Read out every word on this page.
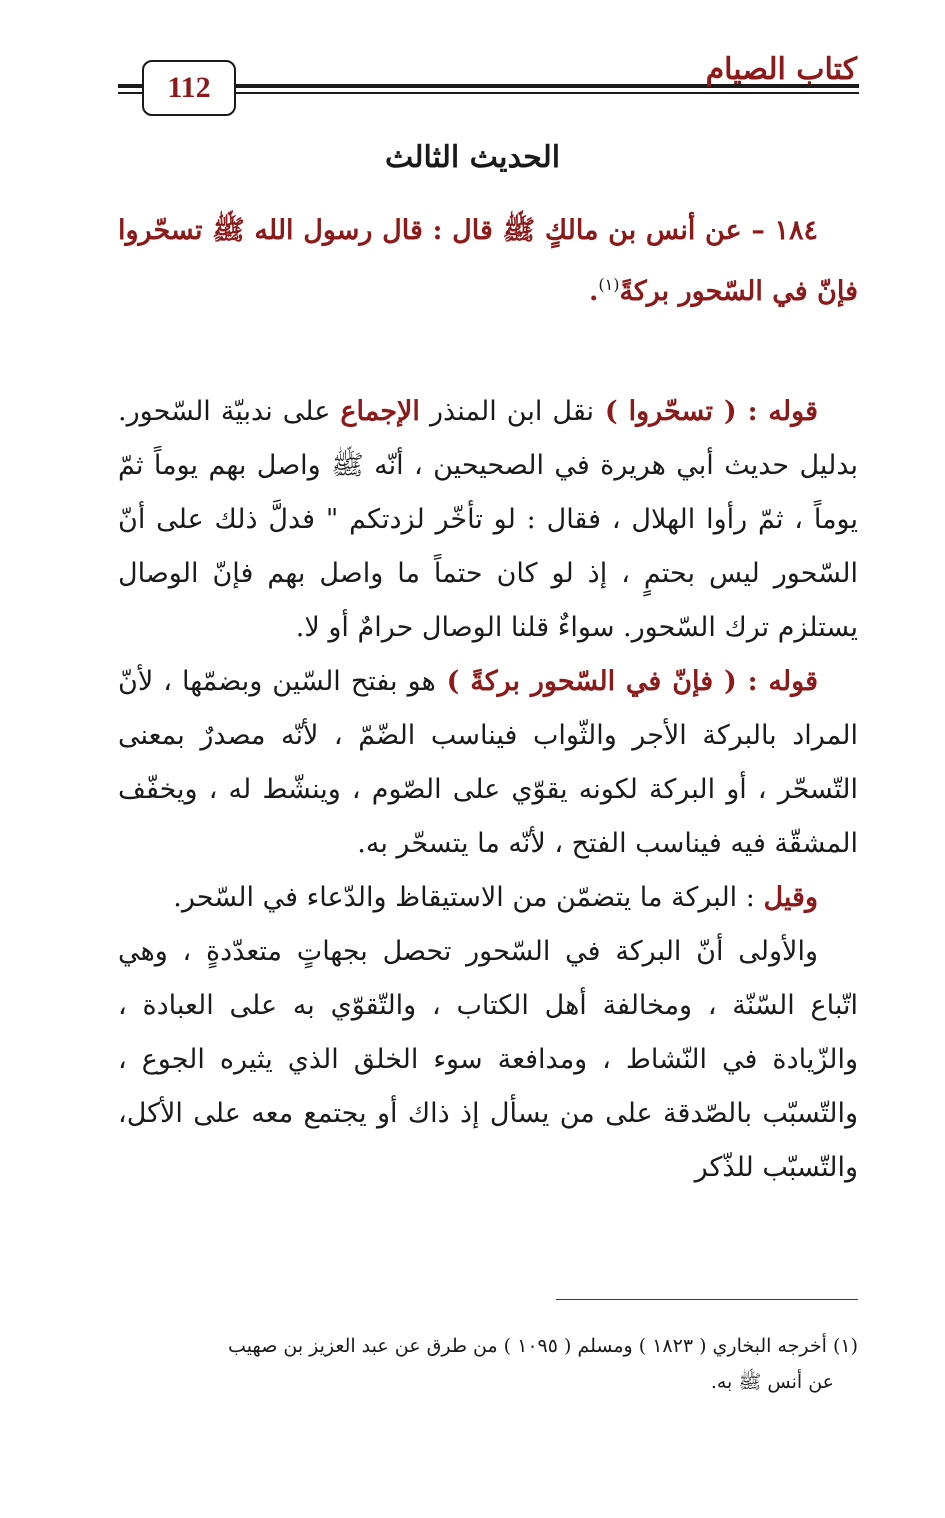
112
كتاب الصيام
الحديث الثالث

١٨٤ – عن أنس بن مالكٍ ﷺ قال : قال رسول الله ﷺ تسحّروا فإنّ في السّحور بركةً$^{(١)}$.

قوله : ( تسحّروا ) نقل ابن المنذر الإجماع على ندبيّة السّحور. بدليل حديث أبي هريرة في الصحيحين ، أنّه ﷺ واصل بهم يوماً ثمّ يوماً ، ثمّ رأوا الهلال ، فقال : لو تأخّر لزدتكم " فدلَّ ذلك على أنّ السّحور ليس بحتمٍ ، إذ لو كان حتماً ما واصل بهم فإنّ الوصال يستلزم ترك السّحور. سواءٌ قلنا الوصال حرامٌ أو لا.

قوله : ( فإنّ في السّحور بركةً ) هو بفتح السّين وبضمّها ، لأنّ المراد بالبركة الأجر والثّواب فيناسب الضّمّ ، لأنّه مصدرٌ بمعنى التّسحّر ، أو البركة لكونه يقوّي على الصّوم ، وينشّط له ، ويخفّف المشقّة فيه فيناسب الفتح ، لأنّه ما يتسحّر به.

وقيل : البركة ما يتضمّن من الاستيقاظ والدّعاء في السّحر.

والأولى أنّ البركة في السّحور تحصل بجهاتٍ متعدّدةٍ ، وهي اتّباع السّنّة ، ومخالفة أهل الكتاب ، والتّقوّي به على العبادة ، والزّيادة في النّشاط ، ومدافعة سوء الخلق الذي يثيره الجوع ، والتّسبّب بالصّدقة على من يسأل إذ ذاك أو يجتمع معه على الأكل، والتّسبّب للذّكر

(١) أخرجه البخاري ( ١٨٢٣ ) ومسلم ( ١٠٩٥ ) من طرق عن عبد العزيز بن صهيب
عن أنس ﷺ به.
